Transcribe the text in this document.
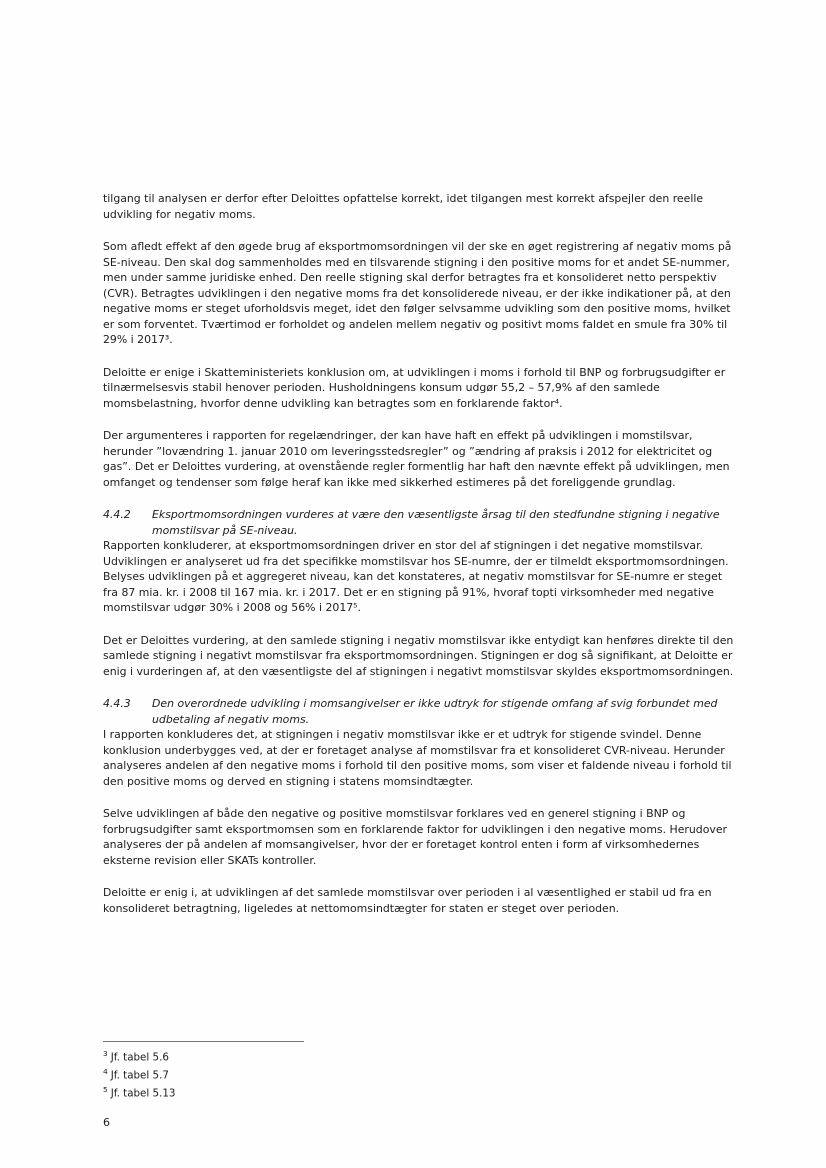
tilgang til analysen er derfor efter Deloittes opfattelse korrekt, idet tilgangen mest korrekt afspejler den reelle udvikling for negativ moms.

Som afledt effekt af den øgede brug af eksportmomsordningen vil der ske en øget registrering af negativ moms på SE-niveau. Den skal dog sammenholdes med en tilsvarende stigning i den positive moms for et andet SE-nummer, men under samme juridiske enhed. Den reelle stigning skal derfor betragtes fra et konsolideret netto perspektiv (CVR). Betragtes udviklingen i den negative moms fra det konsoliderede niveau, er der ikke indikationer på, at den negative moms er steget uforholdsvis meget, idet den følger selvsamme udvikling som den positive moms, hvilket er som forventet. Tværtimod er forholdet og andelen mellem negativ og positivt moms faldet en smule fra 30% til 29% i 2017³.

Deloitte er enige i Skatteministeriets konklusion om, at udviklingen i moms i forhold til BNP og forbrugsudgifter er tilnærmelsesvis stabil henover perioden. Husholdningens konsum udgør 55,2 – 57,9% af den samlede momsbelastning, hvorfor denne udvikling kan betragtes som en forklarende faktor⁴.

Der argumenteres i rapporten for regelændringer, der kan have haft en effekt på udviklingen i momstilsvar, herunder ”lovændring 1. januar 2010 om leveringsstedsregler” og ”ændring af praksis i 2012 for elektricitet og gas”. Det er Deloittes vurdering, at ovenstående regler formentlig har haft den nævnte effekt på udviklingen, men omfanget og tendenser som følge heraf kan ikke med sikkerhed estimeres på det foreliggende grundlag.

4.4.2	Eksportmomsordningen vurderes at være den væsentligste årsag til den stedfundne stigning i negative momstilsvar på SE-niveau.

Rapporten konkluderer, at eksportmomsordningen driver en stor del af stigningen i det negative momstilsvar. Udviklingen er analyseret ud fra det specifikke momstilsvar hos SE-numre, der er tilmeldt eksportmomsordningen. Belyses udviklingen på et aggregeret niveau, kan det konstateres, at negativ momstilsvar for SE-numre er steget fra 87 mia. kr. i 2008 til 167 mia. kr. i 2017. Det er en stigning på 91%, hvoraf topti virksomheder med negative momstilsvar udgør 30% i 2008 og 56% i 2017⁵.

Det er Deloittes vurdering, at den samlede stigning i negativ momstilsvar ikke entydigt kan henføres direkte til den samlede stigning i negativt momstilsvar fra eksportmomsordningen. Stigningen er dog så signifikant, at Deloitte er enig i vurderingen af, at den væsentligste del af stigningen i negativt momstilsvar skyldes eksportmomsordningen.

4.4.3	Den overordnede udvikling i momsangivelser er ikke udtryk for stigende omfang af svig forbundet med udbetaling af negativ moms.

I rapporten konkluderes det, at stigningen i negativ momstilsvar ikke er et udtryk for stigende svindel. Denne konklusion underbygges ved, at der er foretaget analyse af momstilsvar fra et konsolideret CVR-niveau. Herunder analyseres andelen af den negative moms i forhold til den positive moms, som viser et faldende niveau i forhold til den positive moms og derved en stigning i statens momsindtægter.

Selve udviklingen af både den negative og positive momstilsvar forklares ved en generel stigning i BNP og forbrugsudgifter samt eksportmomsen som en forklarende faktor for udviklingen i den negative moms. Herudover analyseres der på andelen af momsangivelser, hvor der er foretaget kontrol enten i form af virksomhedernes eksterne revision eller SKATs kontroller.

Deloitte er enig i, at udviklingen af det samlede momstilsvar over perioden i al væsentlighed er stabil ud fra en konsolideret betragtning, ligeledes at nettomomsindtægter for staten er steget over perioden.

$^3$ Jf. tabel 5.6
$^4$ Jf. tabel 5.7
$^5$ Jf. tabel 5.13
6
